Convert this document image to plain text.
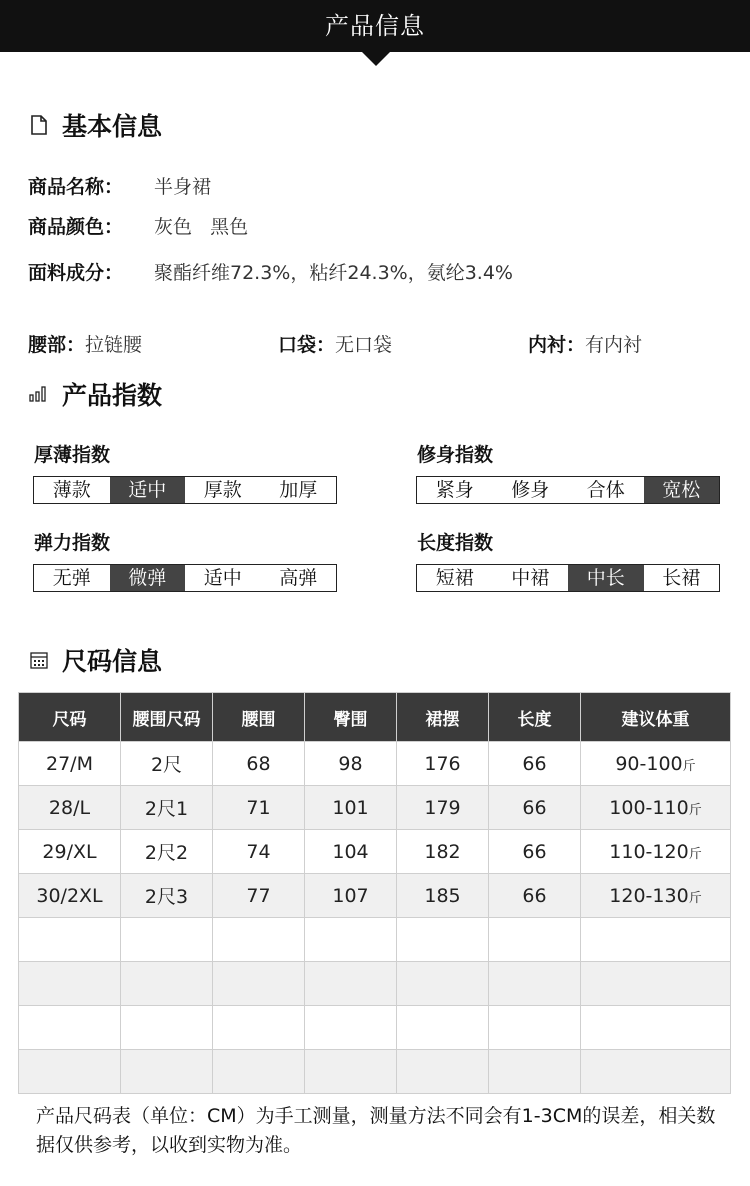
产品信息
基本信息
商品名称：	半身裙
商品颜色：	灰色   黑色
面料成分：	聚酯纤维72.3%，粘纤24.3%，氨纶3.4%
腰部：拉链腰	口袋：无口袋	内衬：有内衬
产品指数
厚薄指数
薄款	适中	厚款	加厚
修身指数
紧身	修身	合体	宽松
弹力指数
无弹	微弹	适中	高弹
长度指数
短裙	中裙	中长	长裙
尺码信息
尺码	腰围尺码	腰围	臀围	裙摆	长度	建议体重
27/M	2尺	68	98	176	66	90-100斤
28/L	2尺1	71	101	179	66	100-110斤
29/XL	2尺2	74	104	182	66	110-120斤
30/2XL	2尺3	77	107	185	66	120-130斤

产品尺码表（单位：CM）为手工测量，测量方法不同会有1-3CM的误差，相关数据仅供参考，以收到实物为准。
